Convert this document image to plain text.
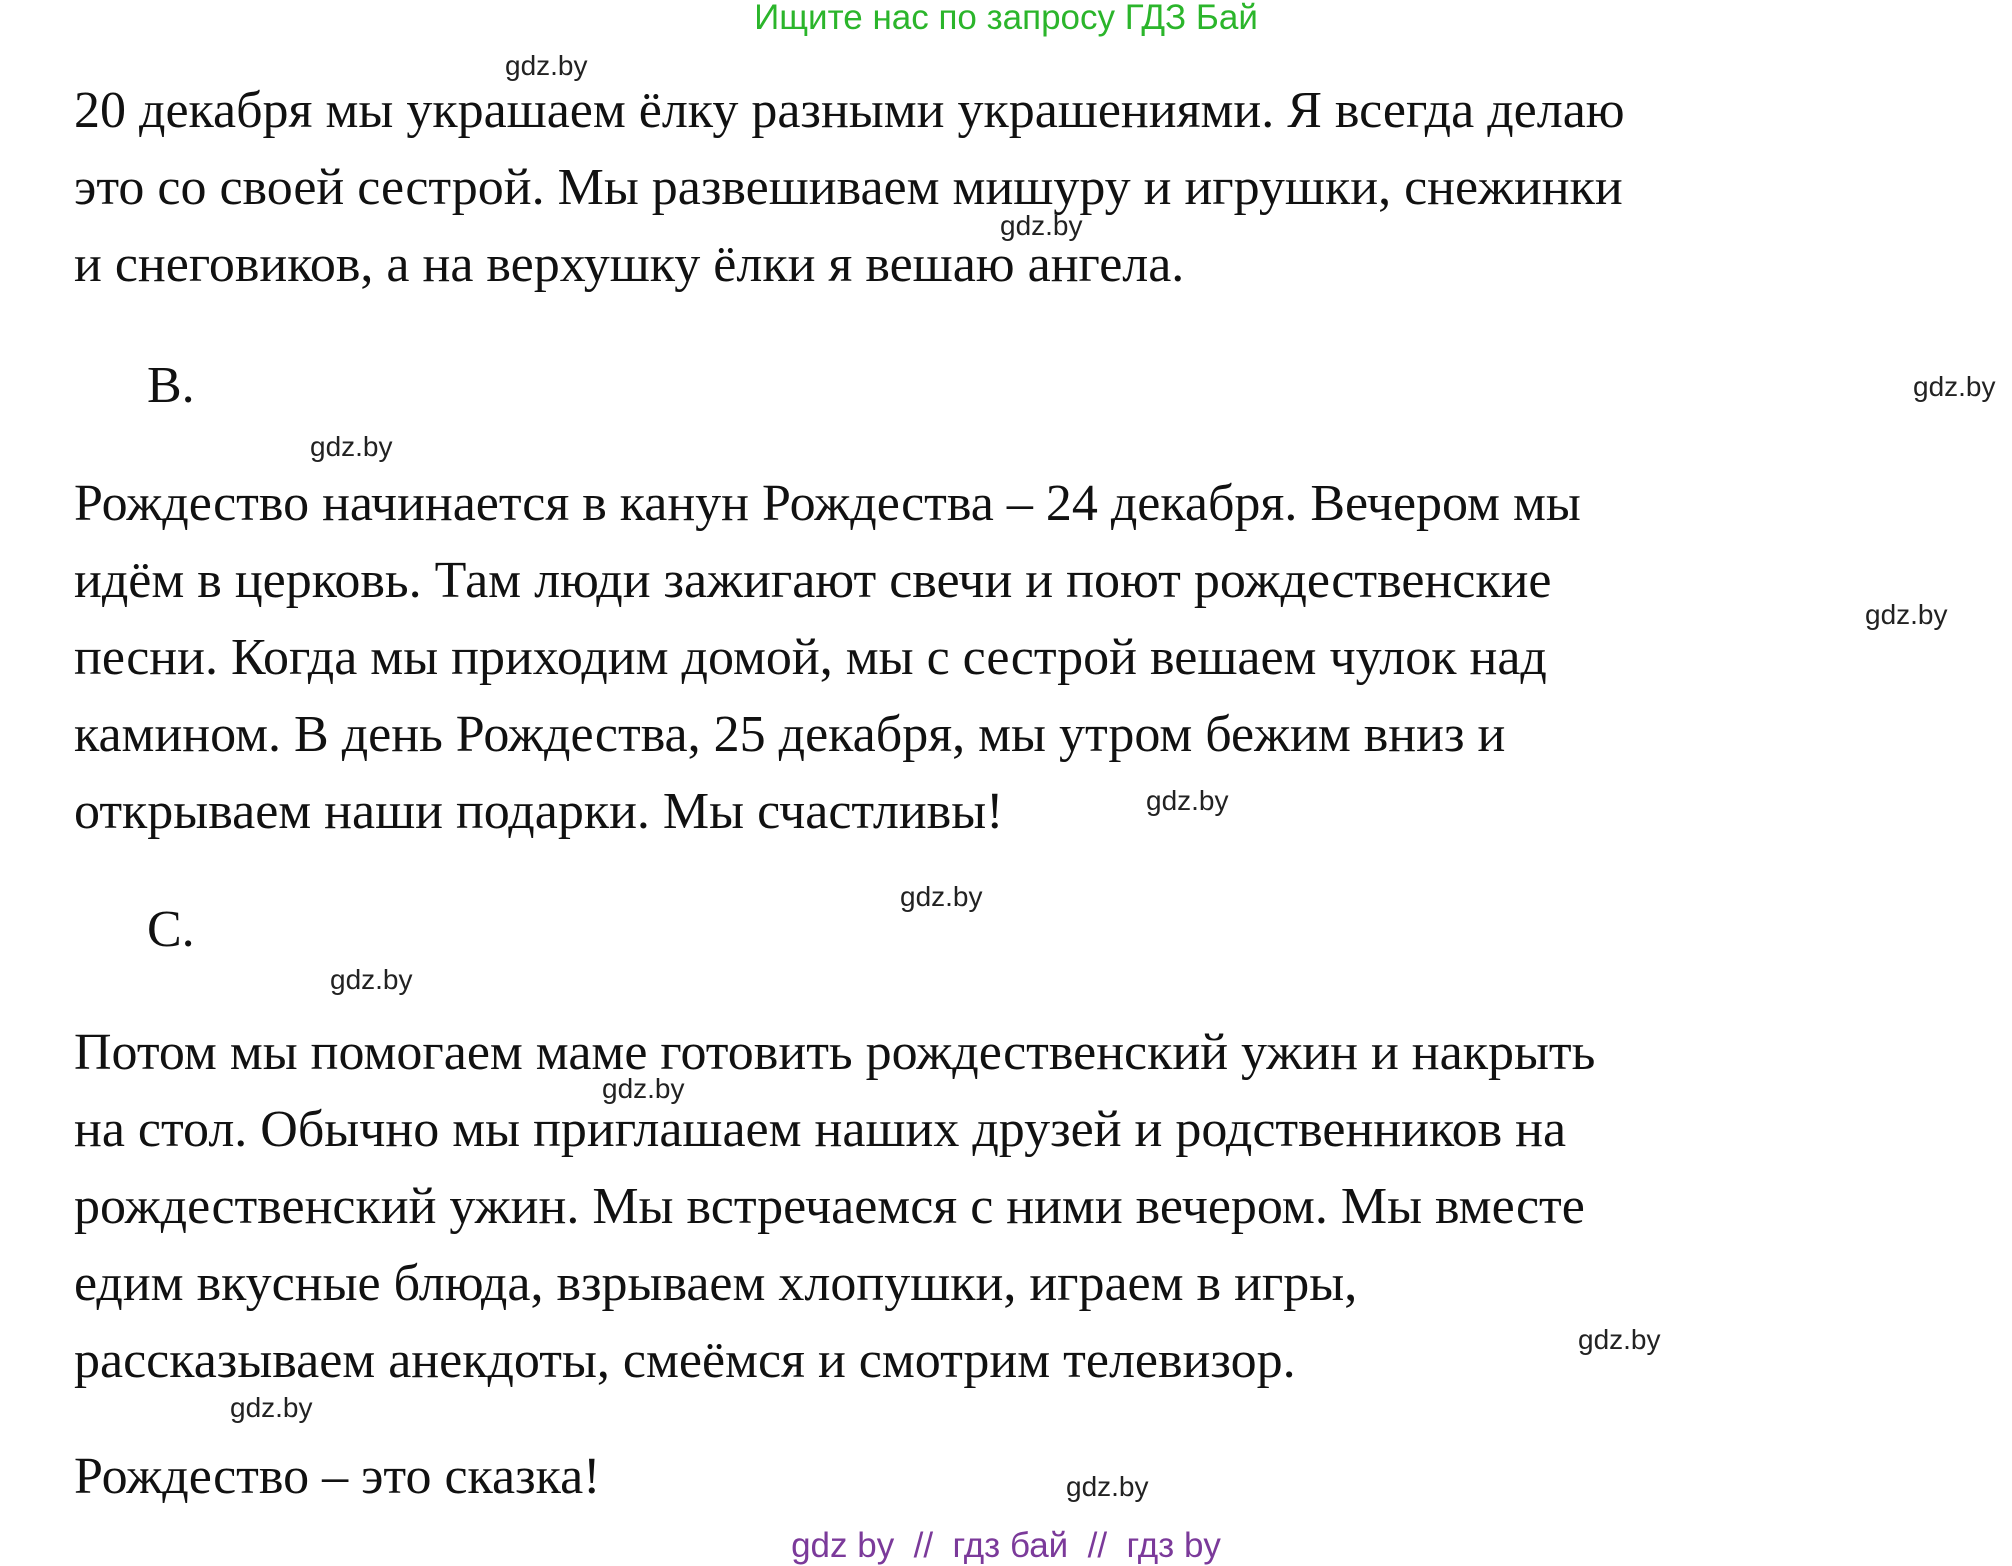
Ищите нас по запросу ГДЗ Бай
20 декабря мы украшаем ёлку разными украшениями. Я всегда делаю
это со своей сестрой. Мы развешиваем мишуру и игрушки, снежинки
и снеговиков, а на верхушку ёлки я вешаю ангела.
B.
Рождество начинается в канун Рождества – 24 декабря. Вечером мы
идём в церковь. Там люди зажигают свечи и поют рождественские
песни. Когда мы приходим домой, мы с сестрой вешаем чулок над
камином. В день Рождества, 25 декабря, мы утром бежим вниз и
открываем наши подарки. Мы счастливы!
C.
Потом мы помогаем маме готовить рождественский ужин и накрыть
на стол. Обычно мы приглашаем наших друзей и родственников на
рождественский ужин. Мы встречаемся с ними вечером. Мы вместе
едим вкусные блюда, взрываем хлопушки, играем в игры,
рассказываем анекдоты, смеёмся и смотрим телевизор.
Рождество – это сказка!
gdz.by
gdz.by
gdz.by
gdz.by
gdz.by
gdz.by
gdz.by
gdz.by
gdz.by
gdz.by
gdz.by
gdz.by
gdz by  //  гдз бай  //  гдз by
